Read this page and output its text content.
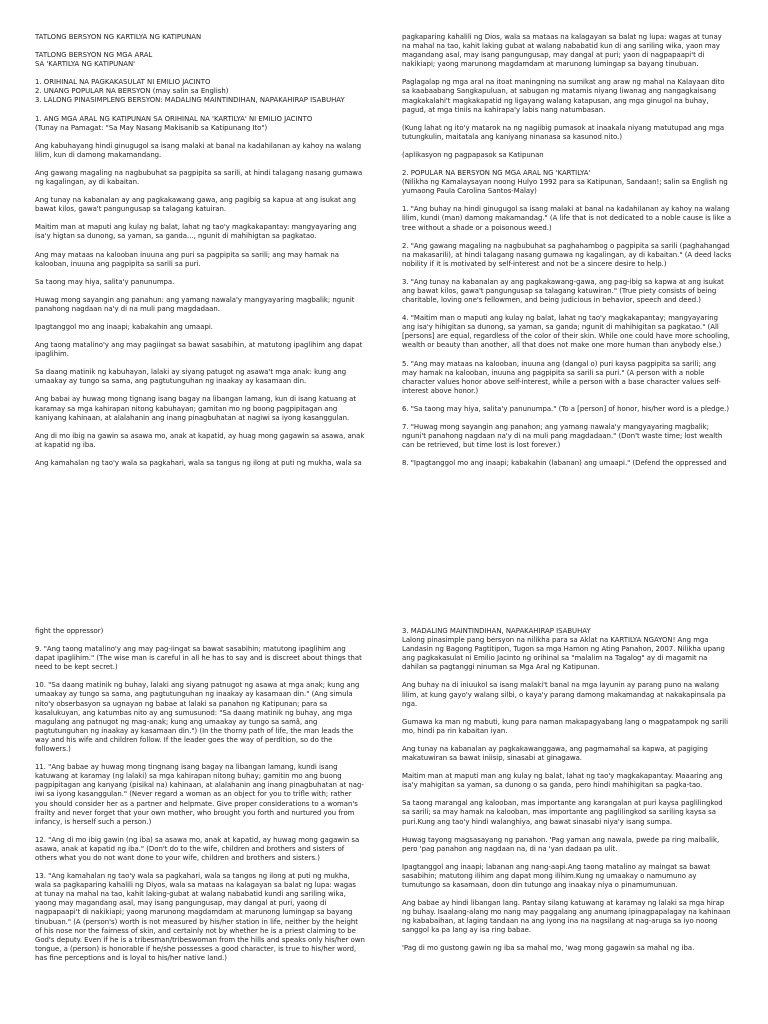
TATLONG BERSYON NG KARTILYA NG KATIPUNAN

TATLONG BERSYON NG MGA ARAL
SA 'KARTILYA NG KATIPUNAN'

1. ORIHINAL NA PAGKAKASULAT NI EMILIO JACINTO
2. UNANG POPULAR NA BERSYON (may salin sa English)
3. LALONG PINASIMPLENG BERSYON: MADALING MAINTINDIHAN, NAPAKAHIRAP ISABUHAY

1. ANG MGA ARAL NG KATIPUNAN SA ORIHINAL NA 'KARTILYA' NI EMILIO JACINTO
(Tunay na Pamagat: "Sa May Nasang Makisanib sa Katipunang Ito")

Ang kabuhayang hindi ginugugol sa isang malaki at banal na kadahilanan ay kahoy na walang lilim, kun di damong makamandang.

Ang gawang magaling na nagbubuhat sa pagpipita sa sarili, at hindi talagang nasang gumawa ng kagalingan, ay di kabaitan.

Ang tunay na kabanalan ay ang pagkakawang gawa, ang pagibig sa kapua at ang isukat ang bawat kilos, gawa't pangungusap sa talagang katuiran.

Maitim man at maputi ang kulay ng balat, lahat ng tao'y magkakapantay: mangyayaring ang isa'y higtan sa dunong, sa yaman, sa ganda..., ngunit di mahihigtan sa pagkatao.

Ang may mataas na kalooban inuuna ang puri sa pagpipita sa sarili; ang may hamak na kalooban, inuuna ang pagpipita sa sarili sa puri.

Sa taong may hiya, salita'y panunumpa.

Huwag mong sayangin ang panahun: ang yamang nawala'y mangyayaring magbalik; ngunit panahong nagdaan na'y di na muli pang magdadaan.

Ipagtanggol mo ang inaapi; kabakahin ang umaapi.

Ang taong matalino'y ang may pagiingat sa bawat sasabihin, at matutong ipaglihim ang dapat ipaglihim.

Sa daang matinik ng kabuhayan, lalaki ay siyang patugot ng asawa't mga anak: kung ang umaakay ay tungo sa sama, ang pagtutunguhan ng inaakay ay kasamaan din.

Ang babai ay huwag mong tignang isang bagay na libangan lamang, kun di isang katuang at karamay sa mga kahirapan nitong kabuhayan; gamitan mo ng boong pagpipitagan ang kaniyang kahinaan, at alalahanin ang inang pinagbuhatan at nagiwi sa iyong kasanggulan.

Ang di mo ibig na gawin sa asawa mo, anak at kapatid, ay huag mong gagawin sa asawa, anak at kapatid ng iba.

Ang kamahalan ng tao'y wala sa pagkahari, wala sa tangus ng ilong at puti ng mukha, wala sa

pagkaparing kahalili ng Dios, wala sa mataas na kalagayan sa balat ng lupa: wagas at tunay na mahal na tao, kahit laking gubat at walang nababatid kun di ang sariling wika, yaon may magandang asal, may isang pangungusap, may dangal at puri; yaon di nagpapaapi't di nakikiapi; yaong marunong magdamdam at marunong lumingap sa bayang tinubuan.

Paglagalap ng mga aral na itoat maningning na sumikat ang araw ng mahal na Kalayaan dito sa kaabaabang Sangkapuluan, at sabugan ng matamis niyang liwanag ang nangagkaisang magkakalahi't magkakapatid ng ligayang walang katapusan, ang mga ginugol na buhay, pagud, at mga tiniis na kahirapa'y labis nang natumbasan.

(Kung lahat ng ito'y matarok na ng nagiibig pumasok at inaakala niyang matutupad ang mga tutungkulin, maitatala ang kaniyang ninanasa sa kasunod nito.)

(aplikasyon ng pagpapasok sa Katipunan

2. POPULAR NA BERSYON NG MGA ARAL NG 'KARTILYA'
(Nilikha ng Kamalaysayan noong Hulyo 1992 para sa Katipunan, Sandaan!; salin sa English ng yumaong Paula Carolina Santos-Malay)

1. "Ang buhay na hindi ginugugol sa isang malaki at banal na kadahilanan ay kahoy na walang lilim, kundi (man) damong makamandag." (A life that is not dedicated to a noble cause is like a tree without a shade or a poisonous weed.)

2. "Ang gawang magaling na nagbubuhat sa paghahambog o pagpipita sa sarili (paghahangad na makasarili), at hindi talagang nasang gumawa ng kagalingan, ay di kabaitan." (A deed lacks nobility if it is motivated by self-interest and not be a sincere desire to help.)

3. "Ang tunay na kabanalan ay ang pagkakawang-gawa, ang pag-ibig sa kapwa at ang isukat ang bawat kilos, gawa't pangungusap sa talagang katuwiran." (True piety consists of being charitable, loving one's fellowmen, and being judicious in behavior, speech and deed.)

4. "Maitim man o maputi ang kulay ng balat, lahat ng tao'y magkakapantay; mangyayaring ang isa'y hihigitan sa dunong, sa yaman, sa ganda; ngunit di mahihigitan sa pagkatao." (All [persons] are equal, regardless of the color of their skin. While one could have more schooling, wealth or beauty than another, all that does not make one more human than anybody else.)

5. "Ang may mataas na kalooban, inuuna ang (dangal o) puri kaysa pagpipita sa sarili; ang may hamak na kalooban, inuuna ang pagpipita sa sarili sa puri." (A person with a noble character values honor above self-interest, while a person with a base character values self-interest above honor.)

6. "Sa taong may hiya, salita'y panunumpa." (To a [person] of honor, his/her word is a pledge.)

7. "Huwag mong sayangin ang panahon; ang yamang nawala'y mangyayaring magbalik; nguni't panahong nagdaan na'y di na muli pang magdadaan." (Don't waste time; lost wealth can be retrieved, but time lost is lost forever.)

8. "Ipagtanggol mo ang inaapi; kabakahin (labanan) ang umaapi." (Defend the oppressed and

fight the oppressor)

9. "Ang taong matalino'y ang may pag-iingat sa bawat sasabihin; matutong ipaglihim ang dapat ipaglihim." (The wise man is careful in all he has to say and is discreet about things that need to be kept secret.)

10. "Sa daang matinik ng buhay, lalaki ang siyang patnugot ng asawa at mga anak; kung ang umaakay ay tungo sa sama, ang pagtutunguhan ng inaakay ay kasamaan din." (Ang simula nito'y obserbasyon sa ugnayan ng babae at lalaki sa panahon ng Katipunan; para sa kasalukuyan, ang katumbas nito ay ang sumusunod: "Sa daang matinik ng buhay, ang mga magulang ang patnugot ng mag-anak; kung ang umaakay ay tungo sa samâ, ang pagtutunguhan ng inaakay ay kasamaan din.") (In the thorny path of life, the man leads the way and his wife and children follow. If the leader goes the way of perdition, so do the followers.)

11. "Ang babae ay huwag mong tingnang isang bagay na libangan lamang, kundi isang katuwang at karamay (ng lalaki) sa mga kahirapan nitong buhay; gamitin mo ang buong pagpipitagan ang kanyang (pisikal na) kahinaan, at alalahanin ang inang pinagbuhatan at nag-iwi sa iyong kasanggulan." (Never regard a woman as an object for you to trifle with; rather you should consider her as a partner and helpmate. Give proper considerations to a woman's frailty and never forget that your own mother, who brought you forth and nurtured you from infancy, is herself such a person.)

12. "Ang di mo ibig gawin (ng iba) sa asawa mo, anak at kapatid, ay huwag mong gagawin sa asawa, anak at kapatid ng iba." (Don't do to the wife, children and brothers and sisters of others what you do not want done to your wife, children and brothers and sisters.)

13. "Ang kamahalan ng tao'y wala sa pagkahari, wala sa tangos ng ilong at puti ng mukha, wala sa pagkaparing kahalili ng Diyos, wala sa mataas na kalagayan sa balat ng lupa: wagas at tunay na mahal na tao, kahit laking-gubat at walang nababatid kundi ang sariling wika, yaong may magandang asal, may isang pangungusap, may dangal at puri, yaong di nagpapaapi't di nakikiapi; yaong marunong magdamdam at marunong lumingap sa bayang tinubuan." (A (person's) worth is not measured by his/her station in life, neither by the height of his nose nor the fairness of skin, and certainly not by whether he is a priest claiming to be God's deputy. Even if he is a tribesman/tribeswoman from the hills and speaks only his/her own tongue, a (person) is honorable if he/she possesses a good character, is true to his/her word, has fine perceptions and is loyal to his/her native land.)

3. MADALING MAINTINDIHAN, NAPAKAHIRAP ISABUHAY
Lalong pinasimple pang bersyon na nilikha para sa Aklat na KARTILYA NGAYON! Ang mga Landasin ng Bagong Pagtitipon, Tugon sa mga Hamon ng Ating Panahon, 2007. Nilikha upang ang pagkakasulat ni Emilio Jacinto ng orihinal sa "malalim na Tagalog" ay di magamit na dahilan sa pagtanggi ninuman sa Mga Aral ng Katipunan.

Ang buhay na di iniuukol sa isang malaki't banal na mga layunin ay parang puno na walang lilim, at kung gayo'y walang silbi, o kaya'y parang damong makamandag at nakakapinsala pa nga.

Gumawa ka man ng mabuti, kung para naman makapagyabang lang o magpatampok ng sarili mo, hindi pa rin kabaitan iyan.

Ang tunay na kabanalan ay pagkakawanggawa, ang pagmamahal sa kapwa, at pagiging makatuwiran sa bawat iniisip, sinasabi at ginagawa.

Maitim man at maputi man ang kulay ng balat, lahat ng tao'y magkakapantay. Maaaring ang isa'y mahigitan sa yaman, sa dunong o sa ganda, pero hindi mahihigitan sa pagka-tao.

Sa taong marangal ang kalooban, mas importante ang karangalan at puri kaysa paglilingkod sa sarili; sa may hamak na kalooban, mas importante ang paglilingkod sa sariling kaysa sa puri.Kung ang tao'y hindi walanghiya, ang bawat sinasabi niya'y isang sumpa.

Huwag tayong magsasayang ng panahon. 'Pag yaman ang nawala, pwede pa ring maibalik, pero 'pag panahon ang nagdaan na, di na 'yan dadaan pa ulit.

Ipagtanggol ang inaapi; labanan ang nang-aapi.Ang taong matalino ay maingat sa bawat sasabihin; matutong ilihim ang dapat mong ilihim.Kung ng umaakay o namumuno ay tumutungo sa kasamaan, doon din tutungo ang inaakay niya o pinamumunuan.

Ang babae ay hindi libangan lang. Pantay silang katuwang at karamay ng lalaki sa mga hirap ng buhay. Isaalang-alang mo nang may paggalang ang anumang ipinagpapalagay na kahinaan ng kababaihan, at laging tandaan na ang iyong ina na nagsilang at nag-aruga sa iyo noong sanggol ka pa lang ay isa ring babae.

'Pag di mo gustong gawin ng iba sa mahal mo, 'wag mong gagawin sa mahal ng iba.
